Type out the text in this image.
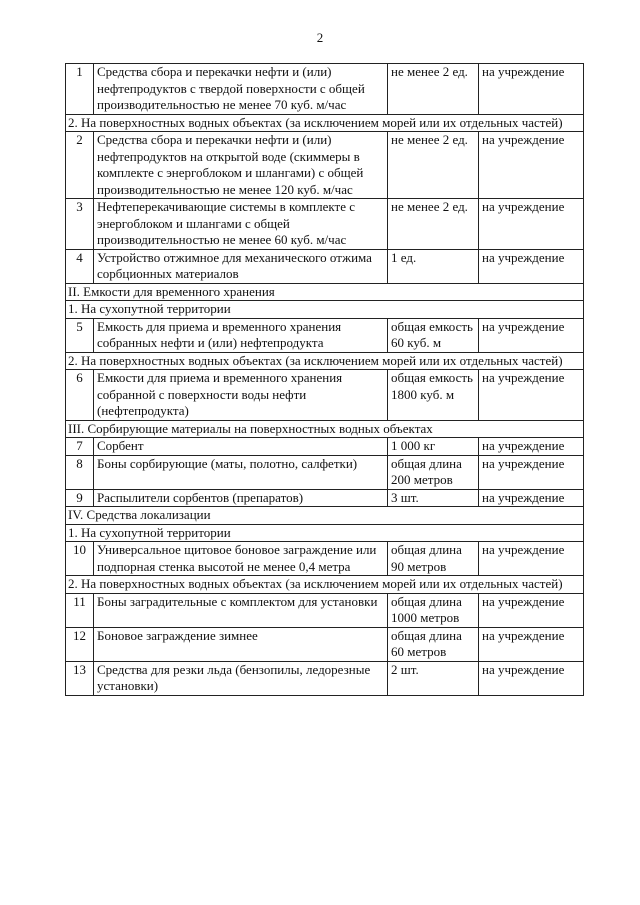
2
1	Средства сбора и перекачки нефти и (или) нефтепродуктов с твердой поверхности с общей производительностью не менее 70 куб. м/час	не менее 2 ед.	на учреждение
2. На поверхностных водных объектах (за исключением морей или их отдельных частей)			
2	Средства сбора и перекачки нефти и (или) нефтепродуктов на открытой воде (скиммеры в комплекте с энергоблоком и шлангами) с общей производительностью не менее 120 куб. м/час	не менее 2 ед.	на учреждение
3	Нефтеперекачивающие системы в комплекте с энергоблоком и шлангами с общей производительностью не менее 60 куб. м/час	не менее 2 ед.	на учреждение
4	Устройство отжимное для механического отжима сорбционных материалов	1 ед.	на учреждение
II. Емкости для временного хранения			
1. На сухопутной территории			
5	Емкость для приема и временного хранения собранных нефти и (или) нефтепродукта	общая емкость 60 куб. м	на учреждение
2. На поверхностных водных объектах (за исключением морей или их отдельных частей)			
6	Емкости для приема и временного хранения собранной с поверхности воды нефти (нефтепродукта)	общая емкость 1800 куб. м	на учреждение
III. Сорбирующие материалы на поверхностных водных объектах			
7	Сорбент	1 000 кг	на учреждение
8	Боны сорбирующие (маты, полотно, салфетки)	общая длина 200 метров	на учреждение
9	Распылители сорбентов (препаратов)	3 шт.	на учреждение
IV. Средства локализации			
1. На сухопутной территории			
10	Универсальное щитовое боновое заграждение или подпорная стенка высотой не менее 0,4 метра	общая длина 90 метров	на учреждение
2. На поверхностных водных объектах (за исключением морей или их отдельных частей)			
11	Боны заградительные с комплектом для установки	общая длина 1000 метров	на учреждение
12	Боновое заграждение зимнее	общая длина 60 метров	на учреждение
13	Средства для резки льда (бензопилы, ледорезные установки)	2 шт.	на учреждение
